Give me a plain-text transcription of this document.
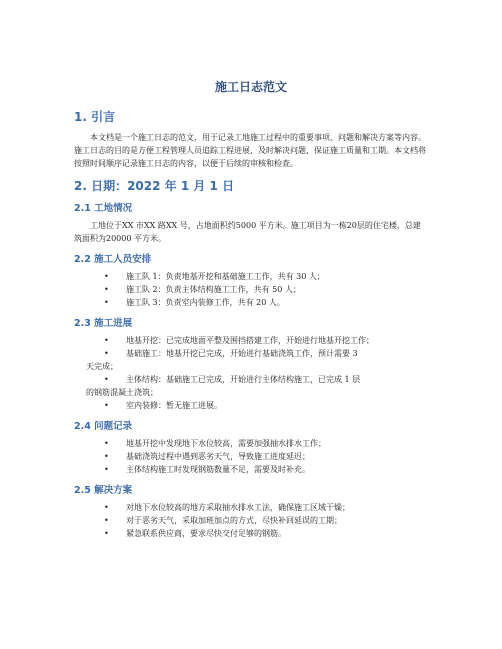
施工日志范文
1. 引言

本文档是一个施工日志的范文，用于记录工地施工过程中的重要事项、问题和解决方案等内容。施工日志的目的是方便工程管理人员追踪工程进展，及时解决问题，保证施工质量和工期。本文档将按照时间顺序记录施工日志的内容，以便于后续的审核和检查。

2. 日期：2022 年 1 月 1 日
2.1 工地情况

工地位于XX 市XX 路XX 号，占地面积约5000 平方米。施工项目为一栋20层的住宅楼，总建筑面积为20000 平方米。

2.2 施工人员安排
• 施工队 1：负责地基开挖和基础施工工作，共有 30 人；
• 施工队 2：负责主体结构施工工作，共有 50 人；
• 施工队 3：负责室内装修工作，共有 20 人。
2.3 施工进展
• 地基开挖：已完成地面平整及围挡搭建工作，开始进行地基开挖工作；
• 基础施工：地基开挖已完成，开始进行基础浇筑工作，预计需要 3
天完成；
• 主体结构：基础施工已完成，开始进行主体结构施工，已完成 1 层
的钢筋混凝土浇筑；
• 室内装修：暂无施工进展。
2.4 问题记录
• 地基开挖中发现地下水位较高，需要加强抽水排水工作；
• 基础浇筑过程中遇到恶劣天气，导致施工进度延迟；
• 主体结构施工时发现钢筋数量不足，需要及时补充。
2.5 解决方案
• 对地下水位较高的地方采取抽水排水工法，确保施工区域干燥；
• 对于恶劣天气，采取加班加点的方式，尽快补回延误的工期；
• 紧急联系供应商，要求尽快交付足够的钢筋。
